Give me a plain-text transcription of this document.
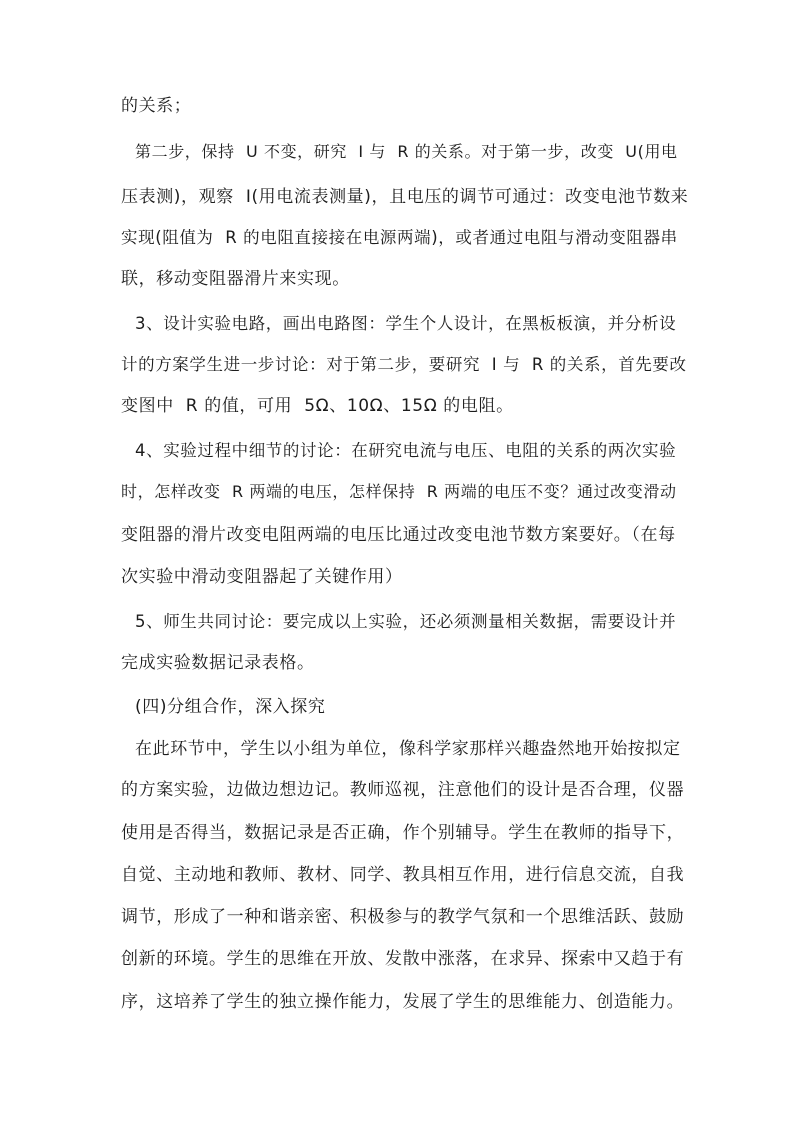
的关系；
第二步，保持  U 不变，研究  I 与  R 的关系。对于第一步，改变  U(用电
压表测)，观察  I(用电流表测量)，且电压的调节可通过：改变电池节数来
实现(阻值为  R 的电阻直接接在电源两端)，或者通过电阻与滑动变阻器串
联，移动变阻器滑片来实现。
3、设计实验电路，画出电路图：学生个人设计，在黑板板演，并分析设
计的方案学生进一步讨论：对于第二步，要研究  I 与  R 的关系，首先要改
变图中  R 的值，可用  5Ω、10Ω、15Ω 的电阻。
4、实验过程中细节的讨论：在研究电流与电压、电阻的关系的两次实验
时，怎样改变  R 两端的电压，怎样保持  R 两端的电压不变？通过改变滑动
变阻器的滑片改变电阻两端的电压比通过改变电池节数方案要好。（在每
次实验中滑动变阻器起了关键作用）
5、师生共同讨论：要完成以上实验，还必须测量相关数据，需要设计并
完成实验数据记录表格。
(四)分组合作，深入探究
在此环节中，学生以小组为单位，像科学家那样兴趣盎然地开始按拟定
的方案实验，边做边想边记。教师巡视，注意他们的设计是否合理，仪器
使用是否得当，数据记录是否正确，作个别辅导。学生在教师的指导下，
自觉、主动地和教师、教材、同学、教具相互作用，进行信息交流，自我
调节，形成了一种和谐亲密、积极参与的教学气氛和一个思维活跃、鼓励
创新的环境。学生的思维在开放、发散中涨落，在求异、探索中又趋于有
序，这培养了学生的独立操作能力，发展了学生的思维能力、创造能力。
